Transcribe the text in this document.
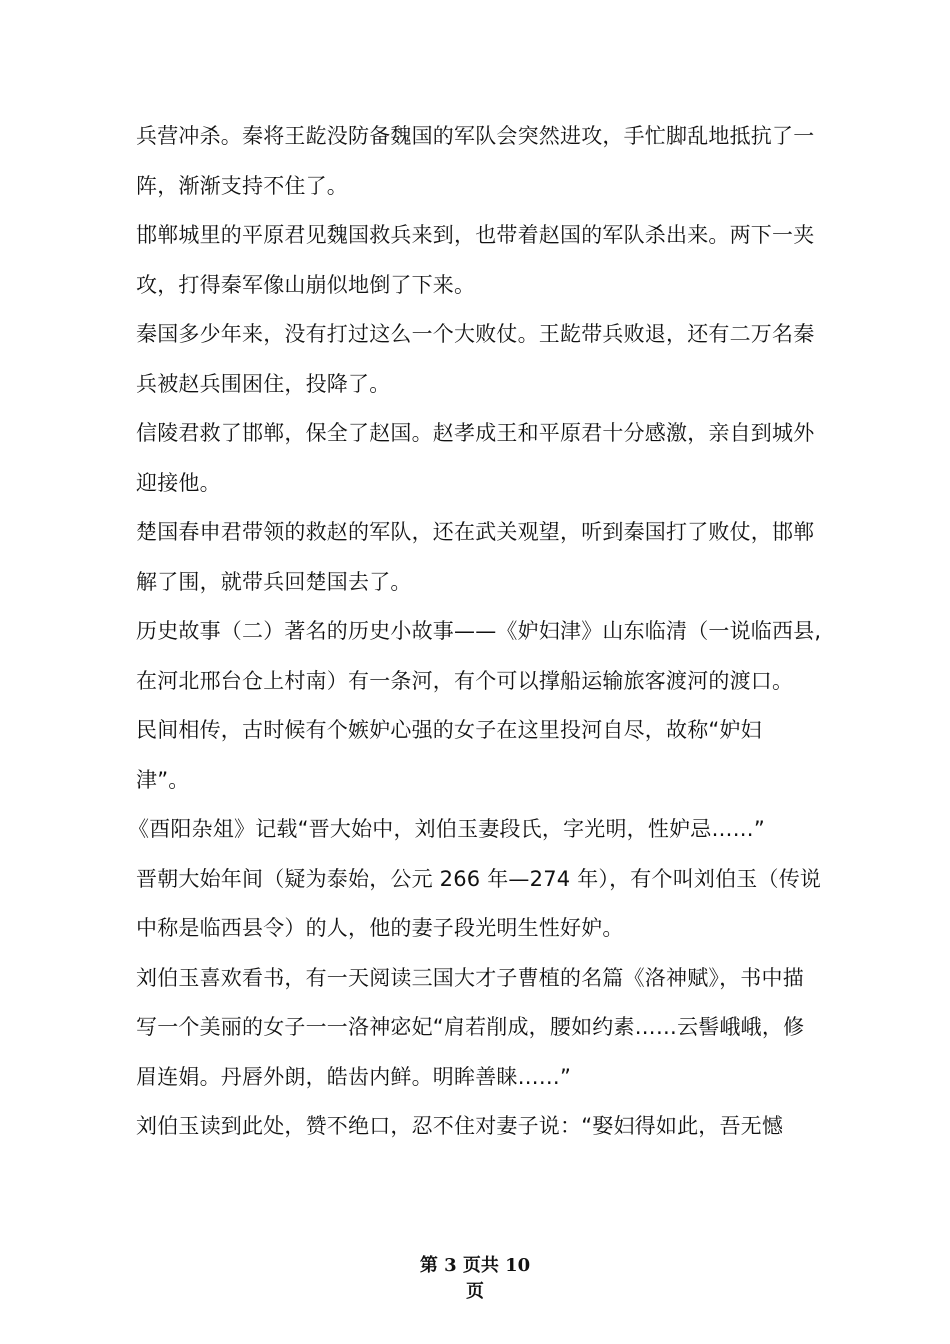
兵营冲杀。秦将王龁没防备魏国的军队会突然进攻，手忙脚乱地抵抗了一
阵，渐渐支持不住了。
邯郸城里的平原君见魏国救兵来到，也带着赵国的军队杀出来。两下一夹
攻，打得秦军像山崩似地倒了下来。
秦国多少年来，没有打过这么一个大败仗。王龁带兵败退，还有二万名秦
兵被赵兵围困住，投降了。
信陵君救了邯郸，保全了赵国。赵孝成王和平原君十分感激，亲自到城外
迎接他。
楚国春申君带领的救赵的军队，还在武关观望，听到秦国打了败仗，邯郸
解了围，就带兵回楚国去了。
历史故事（二）著名的历史小故事——《妒妇津》山东临清（一说临西县,
在河北邢台仓上村南）有一条河，有个可以撑船运输旅客渡河的渡口。
民间相传，古时候有个嫉妒心强的女子在这里投河自尽，故称“妒妇
津”。
《酉阳杂俎》记载“晋大始中，刘伯玉妻段氏，字光明，性妒忌……”
晋朝大始年间（疑为泰始，公元 266 年—274 年），有个叫刘伯玉（传说
中称是临西县令）的人，他的妻子段光明生性好妒。
刘伯玉喜欢看书，有一天阅读三国大才子曹植的名篇《洛神赋》，书中描
写一个美丽的女子一一洛神宓妃“肩若削成，腰如约素……云髻峨峨，修
眉连娟。丹唇外朗，皓齿内鲜。明眸善睐……”
刘伯玉读到此处，赞不绝口，忍不住对妻子说：“娶妇得如此，吾无憾
第 3 页共 10
页
